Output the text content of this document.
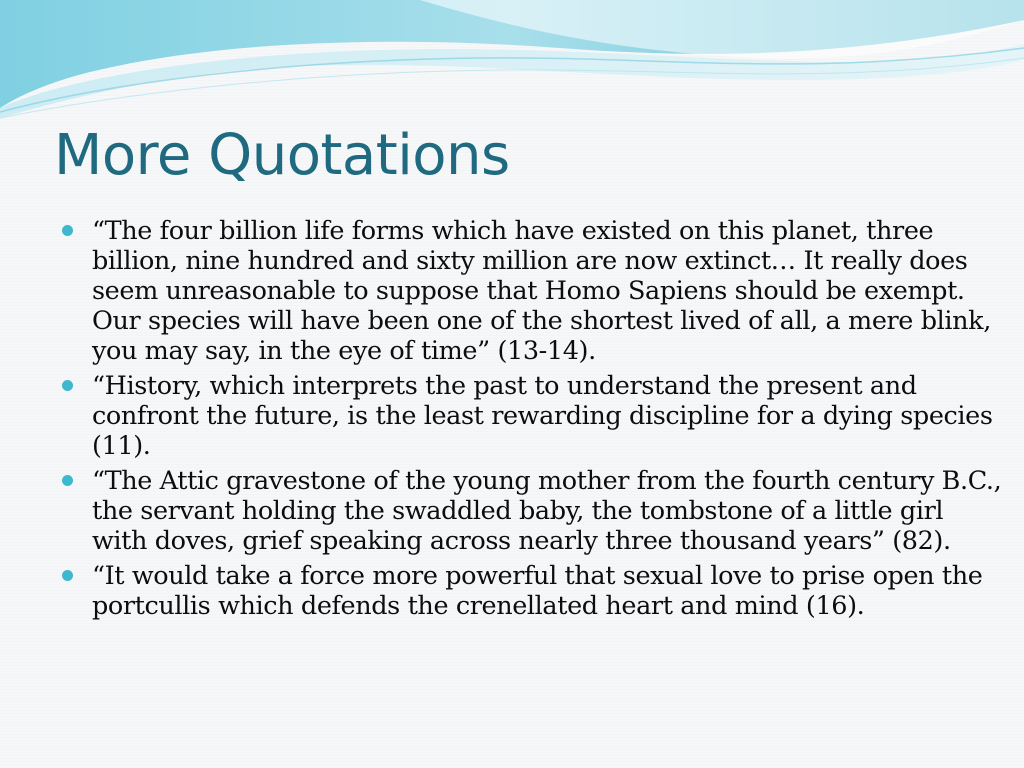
More Quotations
“The four billion life forms which have existed on this planet, three billion, nine hundred and sixty million are now extinct… It really does seem unreasonable to suppose that Homo Sapiens should be exempt. Our species will have been one of the shortest lived of all, a mere blink, you may say, in the eye of time” (13-14).
“History, which interprets the past to understand the present and confront the future, is the least rewarding discipline for a dying species (11).
“The Attic gravestone of the young mother from the fourth century B.C., the servant holding the swaddled baby, the tombstone of a little girl with doves, grief speaking across nearly three thousand years” (82).
“It would take a force more powerful that sexual love to prise open the portcullis which defends the crenellated heart and mind (16).
